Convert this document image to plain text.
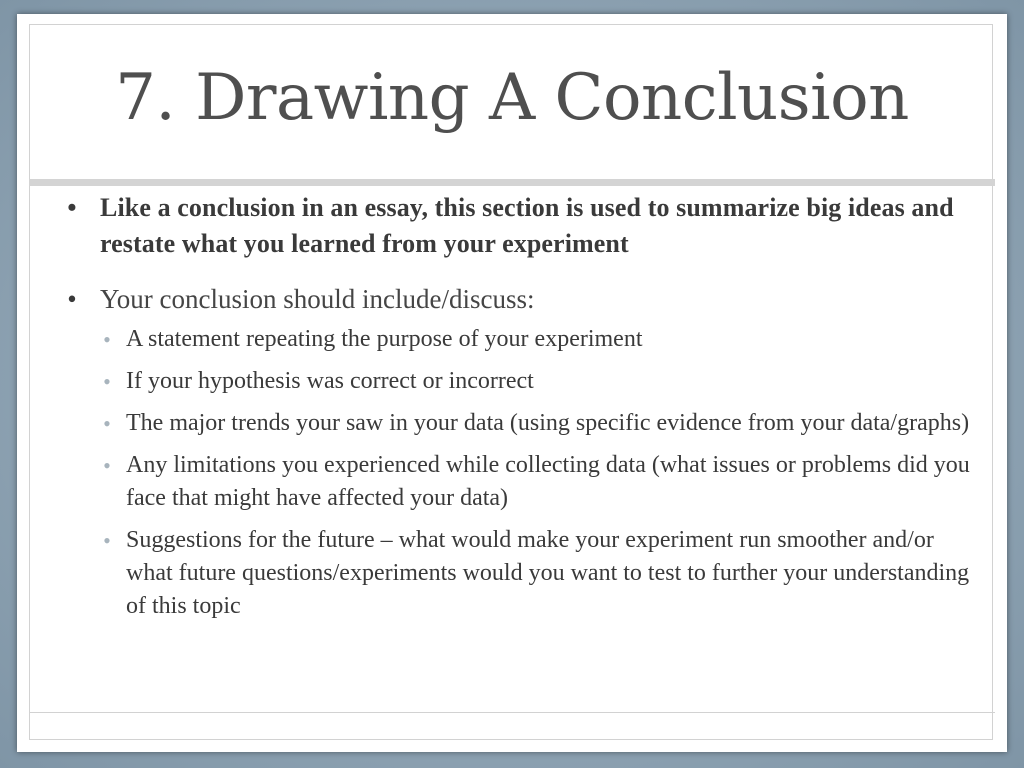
7. Drawing A Conclusion
• Like a conclusion in an essay, this section is used to summarize big ideas and restate what you learned from your experiment
• Your conclusion should include/discuss:
• A statement repeating the purpose of your experiment
• If your hypothesis was correct or incorrect
• The major trends your saw in your data (using specific evidence from your data/graphs)
• Any limitations you experienced while collecting data (what issues or problems did you face that might have affected your data)
• Suggestions for the future – what would make your experiment run smoother and/or what future questions/experiments would you want to test to further your understanding of this topic
